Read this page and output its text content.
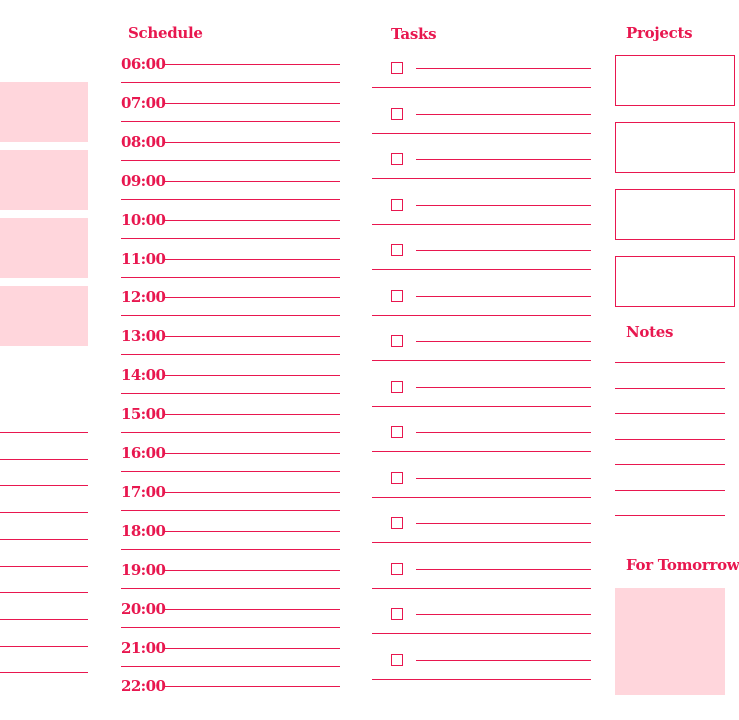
Schedule
06:00
07:00
08:00
09:00
10:00
11:00
12:00
13:00
14:00
15:00
16:00
17:00
18:00
19:00
20:00
21:00
22:00
Tasks	Projects
Notes
For Tomorrow
